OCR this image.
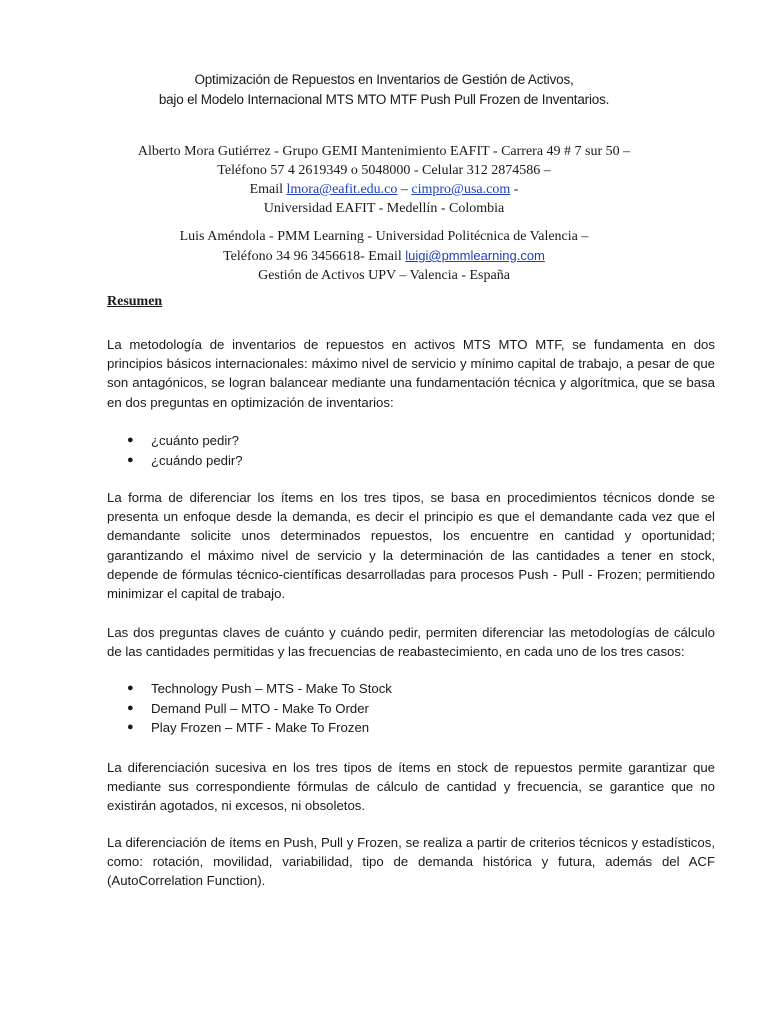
Optimización de Repuestos en Inventarios de Gestión de Activos,
bajo el Modelo Internacional MTS MTO MTF Push Pull Frozen de Inventarios.
Alberto Mora Gutiérrez - Grupo GEMI Mantenimiento EAFIT - Carrera 49 # 7 sur 50 –
Teléfono 57 4 2619349 o 5048000 - Celular 312 2874586 –
Email lmora@eafit.edu.co – cimpro@usa.com -
Universidad EAFIT - Medellín - Colombia
Luis Améndola - PMM Learning - Universidad Politécnica de Valencia –
Teléfono 34 96 3456618- Email luigi@pmmlearning.com
Gestión de Activos UPV – Valencia - España
Resumen

La metodología de inventarios de repuestos en activos MTS MTO MTF, se fundamenta en dos principios básicos internacionales: máximo nivel de servicio y mínimo capital de trabajo, a pesar de que son antagónicos, se logran balancear mediante una fundamentación técnica y algorítmica, que se basa en dos preguntas en optimización de inventarios:

● ¿cuánto pedir?
● ¿cuándo pedir?

La forma de diferenciar los ítems en los tres tipos, se basa en procedimientos técnicos donde se presenta un enfoque desde la demanda, es decir el principio es que el demandante cada vez que el demandante solicite unos determinados repuestos, los encuentre en cantidad y oportunidad; garantizando el máximo nivel de servicio y la determinación de las cantidades a tener en stock, depende de fórmulas técnico-científicas desarrolladas para procesos Push - Pull - Frozen; permitiendo minimizar el capital de trabajo.

Las dos preguntas claves de cuánto y cuándo pedir, permiten diferenciar las metodologías de cálculo de las cantidades permitidas y las frecuencias de reabastecimiento, en cada uno de los tres casos:

● Technology Push – MTS - Make To Stock
● Demand Pull – MTO - Make To Order
● Play Frozen – MTF - Make To Frozen

La diferenciación sucesiva en los tres tipos de ítems en stock de repuestos permite garantizar que mediante sus correspondiente fórmulas de cálculo de cantidad y frecuencia, se garantice que no existirán agotados, ni excesos, ni obsoletos.

La diferenciación de ítems en Push, Pull y Frozen, se realiza a partir de criterios técnicos y estadísticos, como: rotación, movilidad, variabilidad, tipo de demanda histórica y futura, además del ACF (AutoCorrelation Function).
